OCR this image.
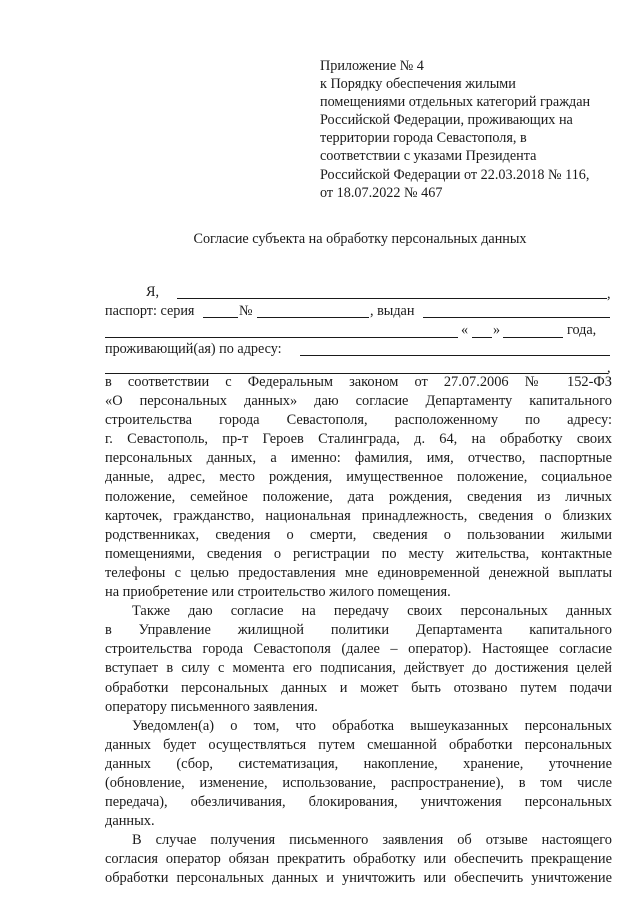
Приложение № 4
к Порядку обеспечения жилыми
помещениями отдельных категорий граждан
Российской Федерации, проживающих на
территории города Севастополя, в
соответствии с указами Президента
Российской Федерации от 22.03.2018 № 116,
от 18.07.2022 № 467
Согласие субъекта на обработку персональных данных
Я,	,
паспорт: серия	№	, выдан
« »	года,
проживающий(ая) по адресу:
,

в соответствии с Федеральным законом от 27.07.2006 № 152-ФЗ
«О персональных данных» даю согласие Департаменту капитального
строительства города Севастополя, расположенному по адресу:
г. Севастополь, пр-т Героев Сталинграда, д. 64, на обработку своих
персональных данных, а именно: фамилия, имя, отчество, паспортные
данные, адрес, место рождения, имущественное положение, социальное
положение, семейное положение, дата рождения, сведения из личных
карточек, гражданство, национальная принадлежность, сведения о близких
родственниках, сведения о смерти, сведения о пользовании жилыми
помещениями, сведения о регистрации по месту жительства, контактные
телефоны с целью предоставления мне единовременной денежной выплаты
на приобретение или строительство жилого помещения.

Также даю согласие на передачу своих персональных данных
в Управление жилищной политики Департамента капитального
строительства города Севастополя (далее – оператор). Настоящее согласие
вступает в силу с момента его подписания, действует до достижения целей
обработки персональных данных и может быть отозвано путем подачи
оператору письменного заявления.

Уведомлен(а) о том, что обработка вышеуказанных персональных
данных будет осуществляться путем смешанной обработки персональных
данных (сбор, систематизация, накопление, хранение, уточнение
(обновление, изменение, использование, распространение), в том числе
передача), обезличивания, блокирования, уничтожения персональных
данных.

В случае получения письменного заявления об отзыве настоящего
согласия оператор обязан прекратить обработку или обеспечить прекращение
обработки персональных данных и уничтожить или обеспечить уничтожение
